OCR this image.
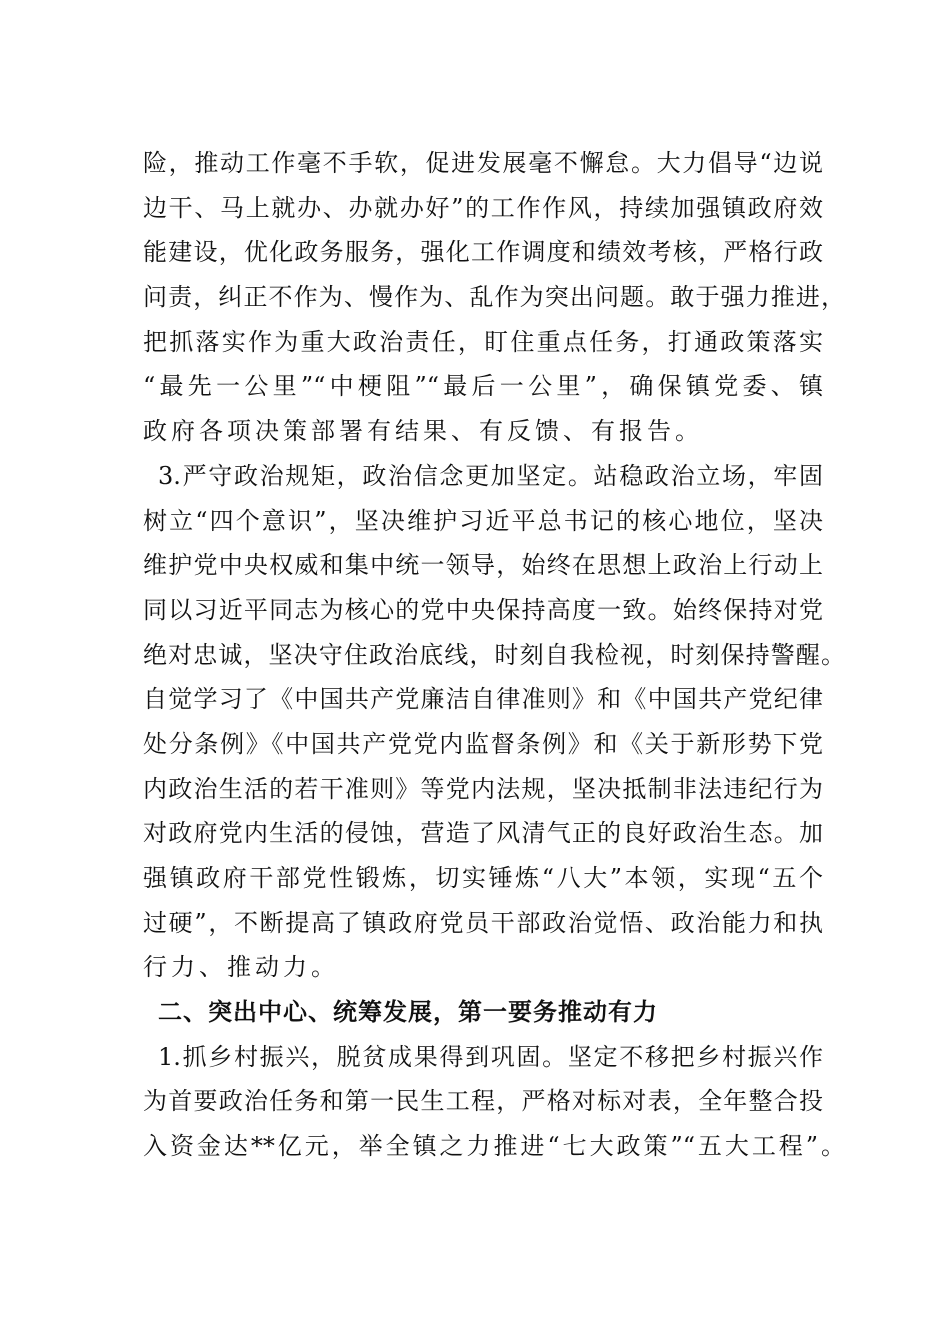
险，推动工作毫不手软，促进发展毫不懈怠。大力倡导“边说
边干、马上就办、办就办好”的工作作风，持续加强镇政府效
能建设，优化政务服务，强化工作调度和绩效考核，严格行政
问责，纠正不作为、慢作为、乱作为突出问题。敢于强力推进，
把抓落实作为重大政治责任，盯住重点任务，打通政策落实
“最先一公里”“中梗阻”“最后一公里”，确保镇党委、镇
政府各项决策部署有结果、有反馈、有报告。
3.严守政治规矩，政治信念更加坚定。站稳政治立场，牢固
树立“四个意识”，坚决维护习近平总书记的核心地位，坚决
维护党中央权威和集中统一领导，始终在思想上政治上行动上
同以习近平同志为核心的党中央保持高度一致。始终保持对党
绝对忠诚，坚决守住政治底线，时刻自我检视，时刻保持警醒。
自觉学习了《中国共产党廉洁自律准则》和《中国共产党纪律
处分条例》《中国共产党党内监督条例》和《关于新形势下党
内政治生活的若干准则》等党内法规，坚决抵制非法违纪行为
对政府党内生活的侵蚀，营造了风清气正的良好政治生态。加
强镇政府干部党性锻炼，切实锤炼“八大”本领，实现“五个
过硬”，不断提高了镇政府党员干部政治觉悟、政治能力和执
行力、推动力。
二、突出中心、统筹发展，第一要务推动有力
1.抓乡村振兴，脱贫成果得到巩固。坚定不移把乡村振兴作
为首要政治任务和第一民生工程，严格对标对表，全年整合投
入资金达**亿元，举全镇之力推进“七大政策”“五大工程”。
